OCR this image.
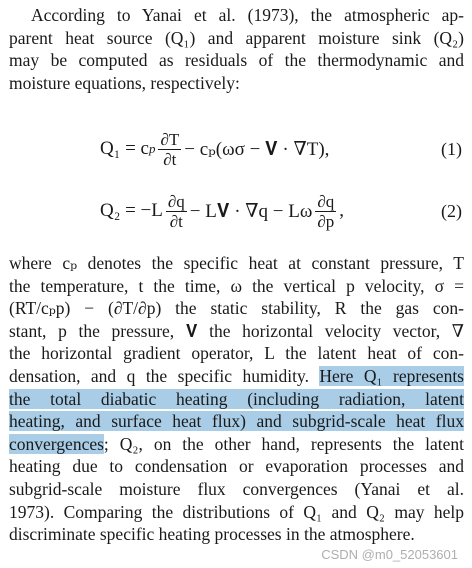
According to Yanai et al. (1973), the atmospheric ap-
parent heat source (Q₁) and apparent moisture sink (Q₂)
may be computed as residuals of the thermodynamic and
moisture equations, respectively:
Q₁ = c p $\frac{\partial T}{\partial t} - c_p(\omega\sigma$ − 𝐕 · ∇T),	(1)
$Q_2 = -L \frac{\partial q}{\partial t}$ − L𝐕 · ∇q − Lω $\frac{\partial q}{\partial p}$ ,	(2)
where cₚ denotes the specific heat at constant pressure, T
the temperature, t the time, ω the vertical p velocity, σ =
(RT/cₚp) − (∂T/∂p) the static stability, R the gas con-
stant, p the pressure, 𝐕 the horizontal velocity vector, ∇
the horizontal gradient operator, L the latent heat of con-
densation, and q the specific humidity. Here Q₁ represents
the total diabatic heating (including radiation, latent
heating, and surface heat flux) and subgrid-scale heat flux
convergences; Q₂, on the other hand, represents the latent
heating due to condensation or evaporation processes and
subgrid-scale moisture flux convergences (Yanai et al.
1973). Comparing the distributions of Q₁ and Q₂ may help
discriminate specific heating processes in the atmosphere.
CSDN @m0_52053601
